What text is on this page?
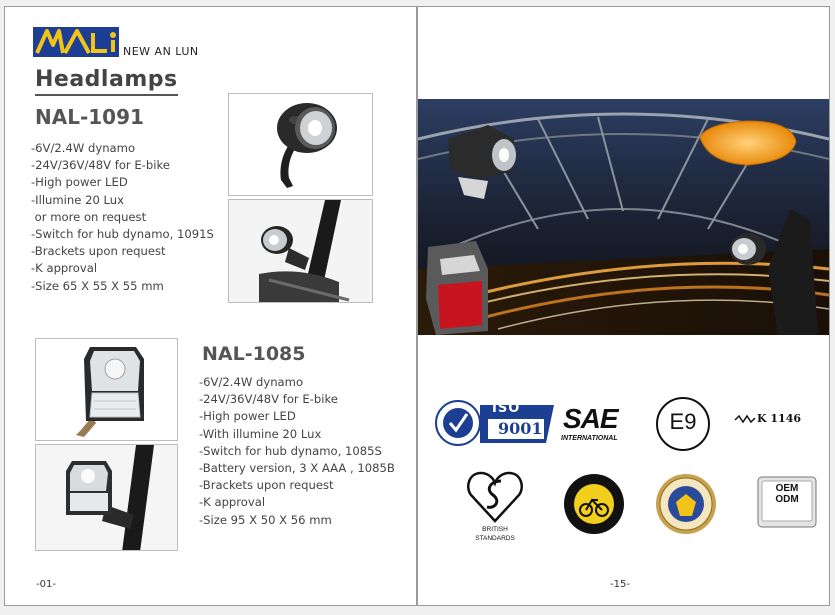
NEW AN LUN
Headlamps
NAL-1091
-6V/2.4W dynamo
-24V/36V/48V for E-bike
-High power LED
-Illumine 20 Lux
or more on request
-Switch for hub dynamo, 1091S
-Brackets upon request
-K approval
-Size 65 X 55 X 55 mm
NAL-1085
-6V/2.4W dynamo
-24V/36V/48V for E-bike
-High power LED
-With illumine 20 Lux
-Switch for hub dynamo, 1085S
-Battery version, 3 X AAA , 1085B
-Brackets upon request
-K approval
-Size 95 X 50 X 56 mm
-01-
ISO
9001 SAE
INTERNATIONAL
E9	K 1146
BRITISH
STANDARDS
OEM
ODM
-15-
